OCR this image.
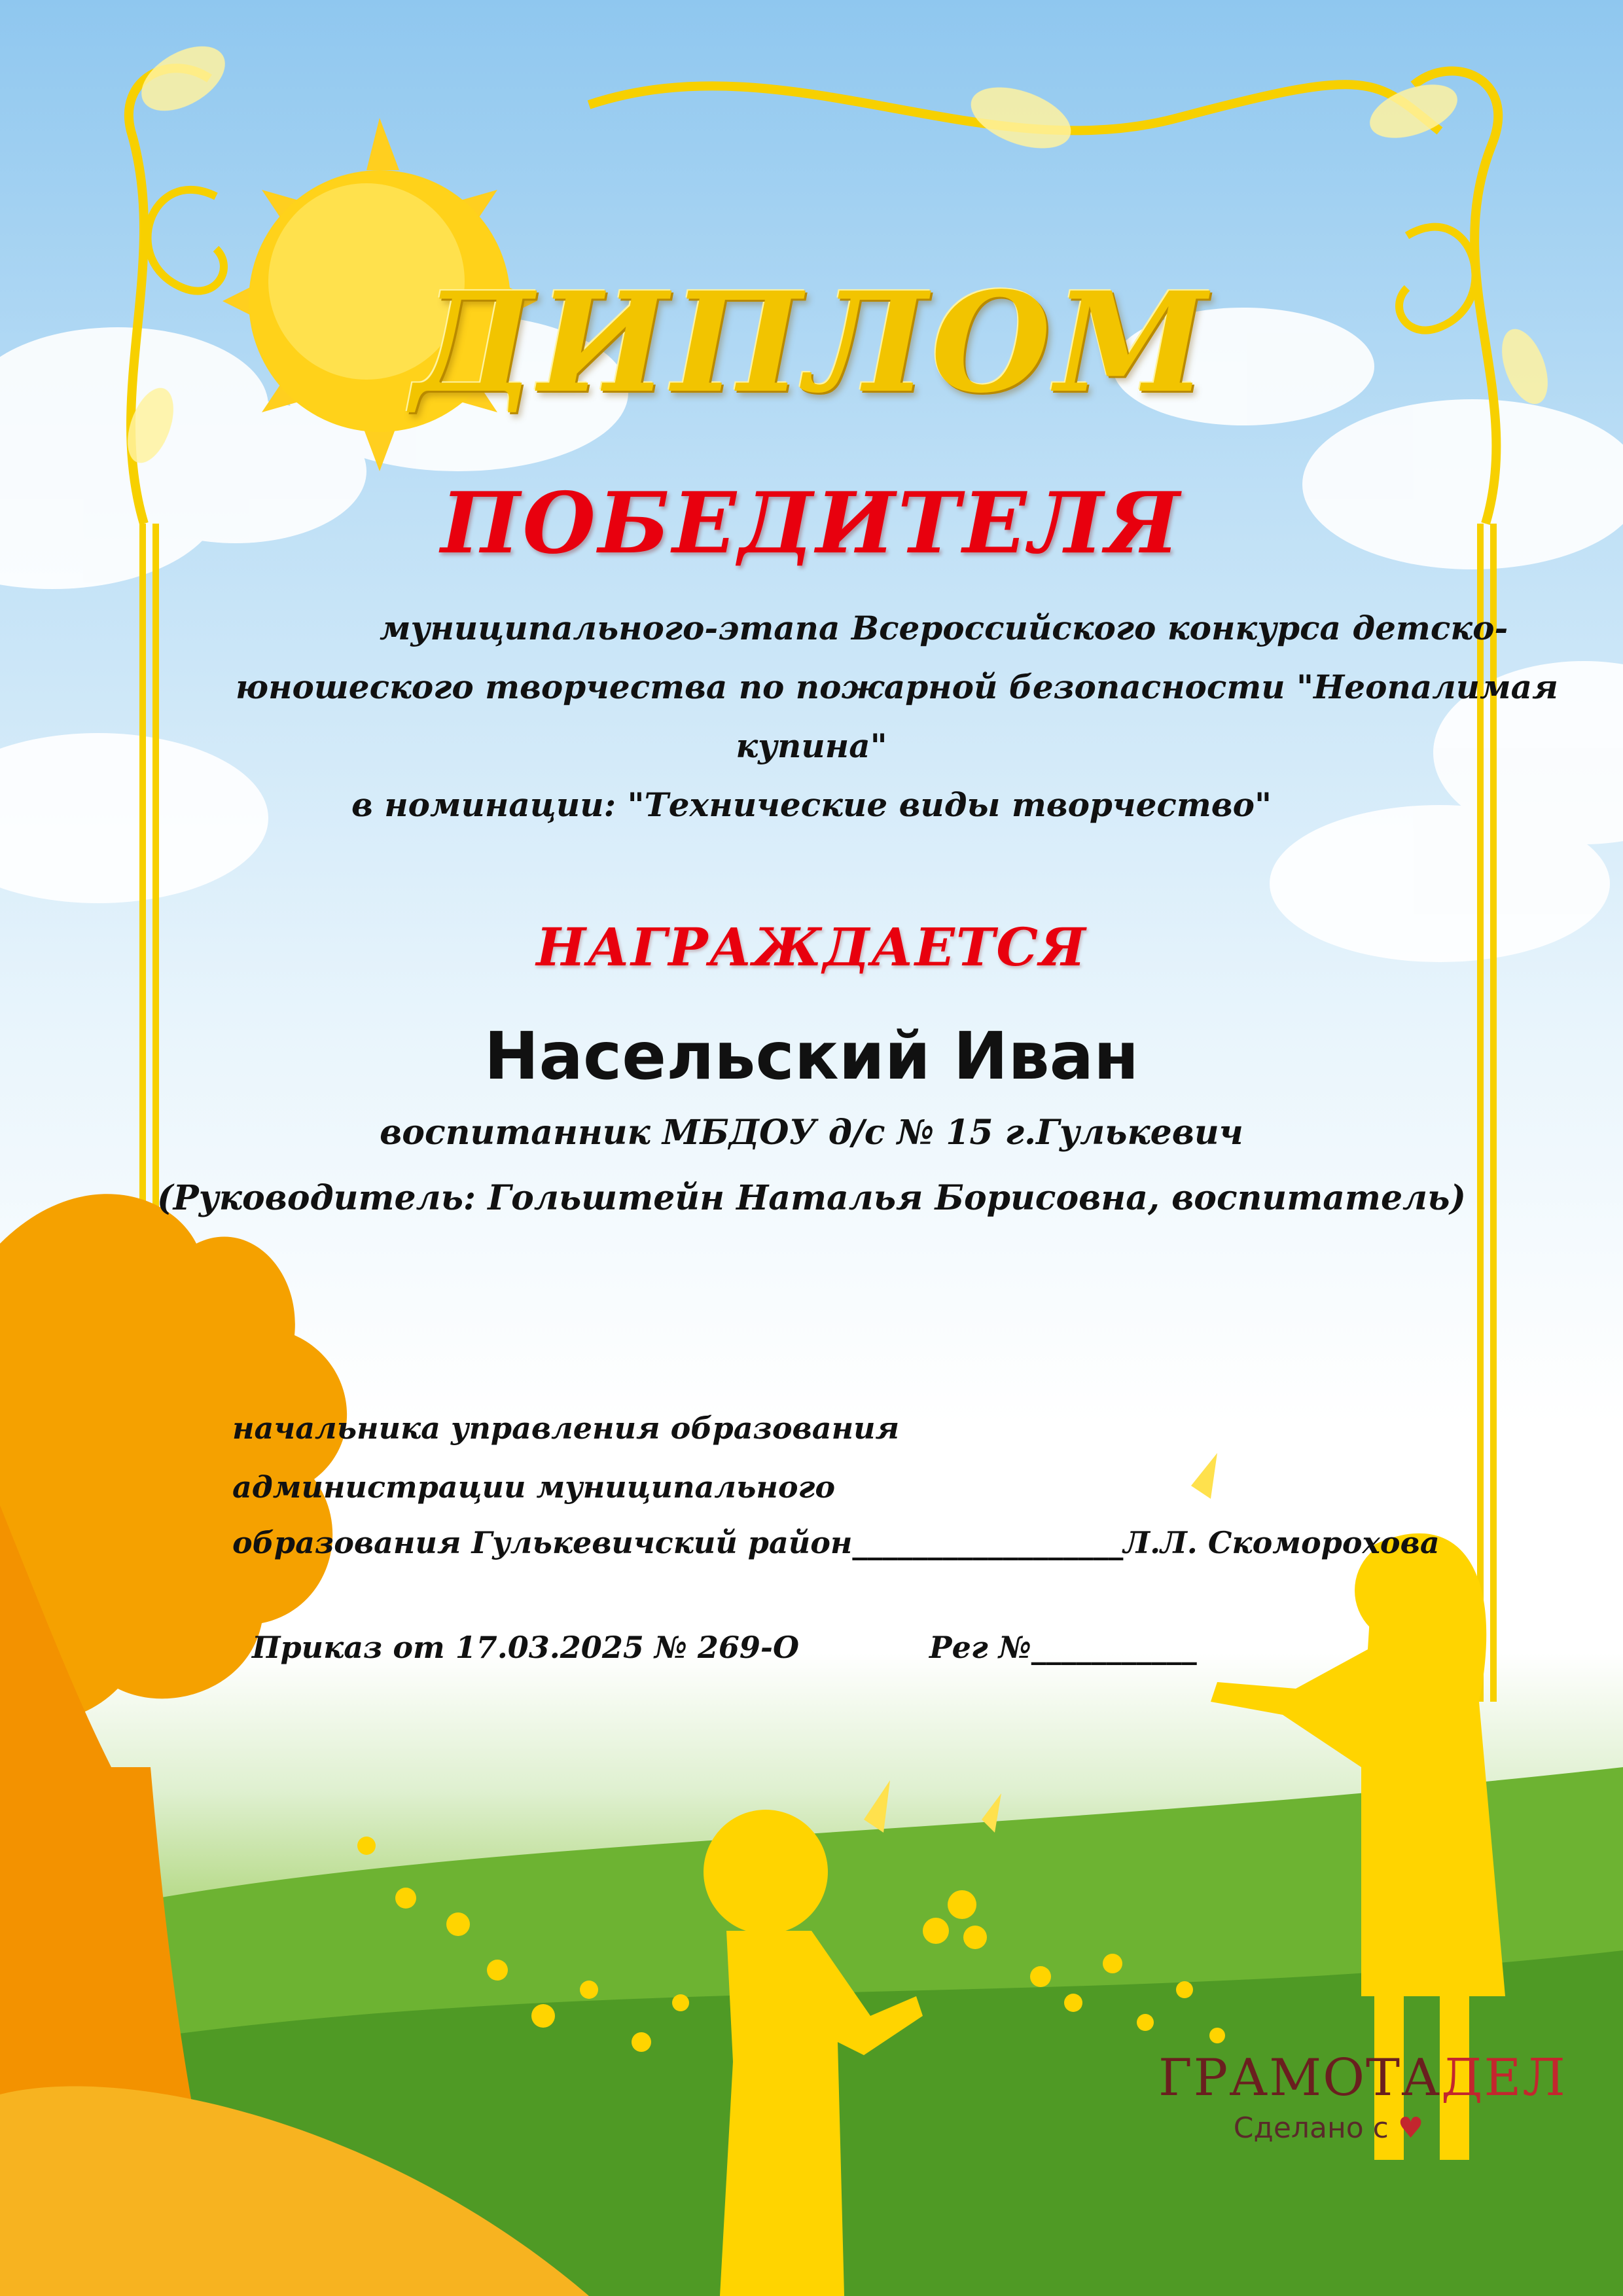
ДИПЛОМ
ПОБЕДИТЕЛЯ
муниципального-этапа Всероссийского конкурса детско-
юношеского творчества по пожарной безопасности "Неопалимая
купина"
в номинации: "Технические виды творчество"
НАГРАЖДАЕТСЯ
Насельский Иван
воспитанник МБДОУ д/с № 15 г.Гулькевич
(Руководитель: Гольштейн Наталья Борисовна, воспитатель)
начальника управления образования
администрации муниципального
образования Гулькевичский район__________________Л.Л. Скоморохова
Приказ от 17.03.2025 № 269-О	Рег №___________
ГРАМОТАДЕЛ
Сделано с ♥
